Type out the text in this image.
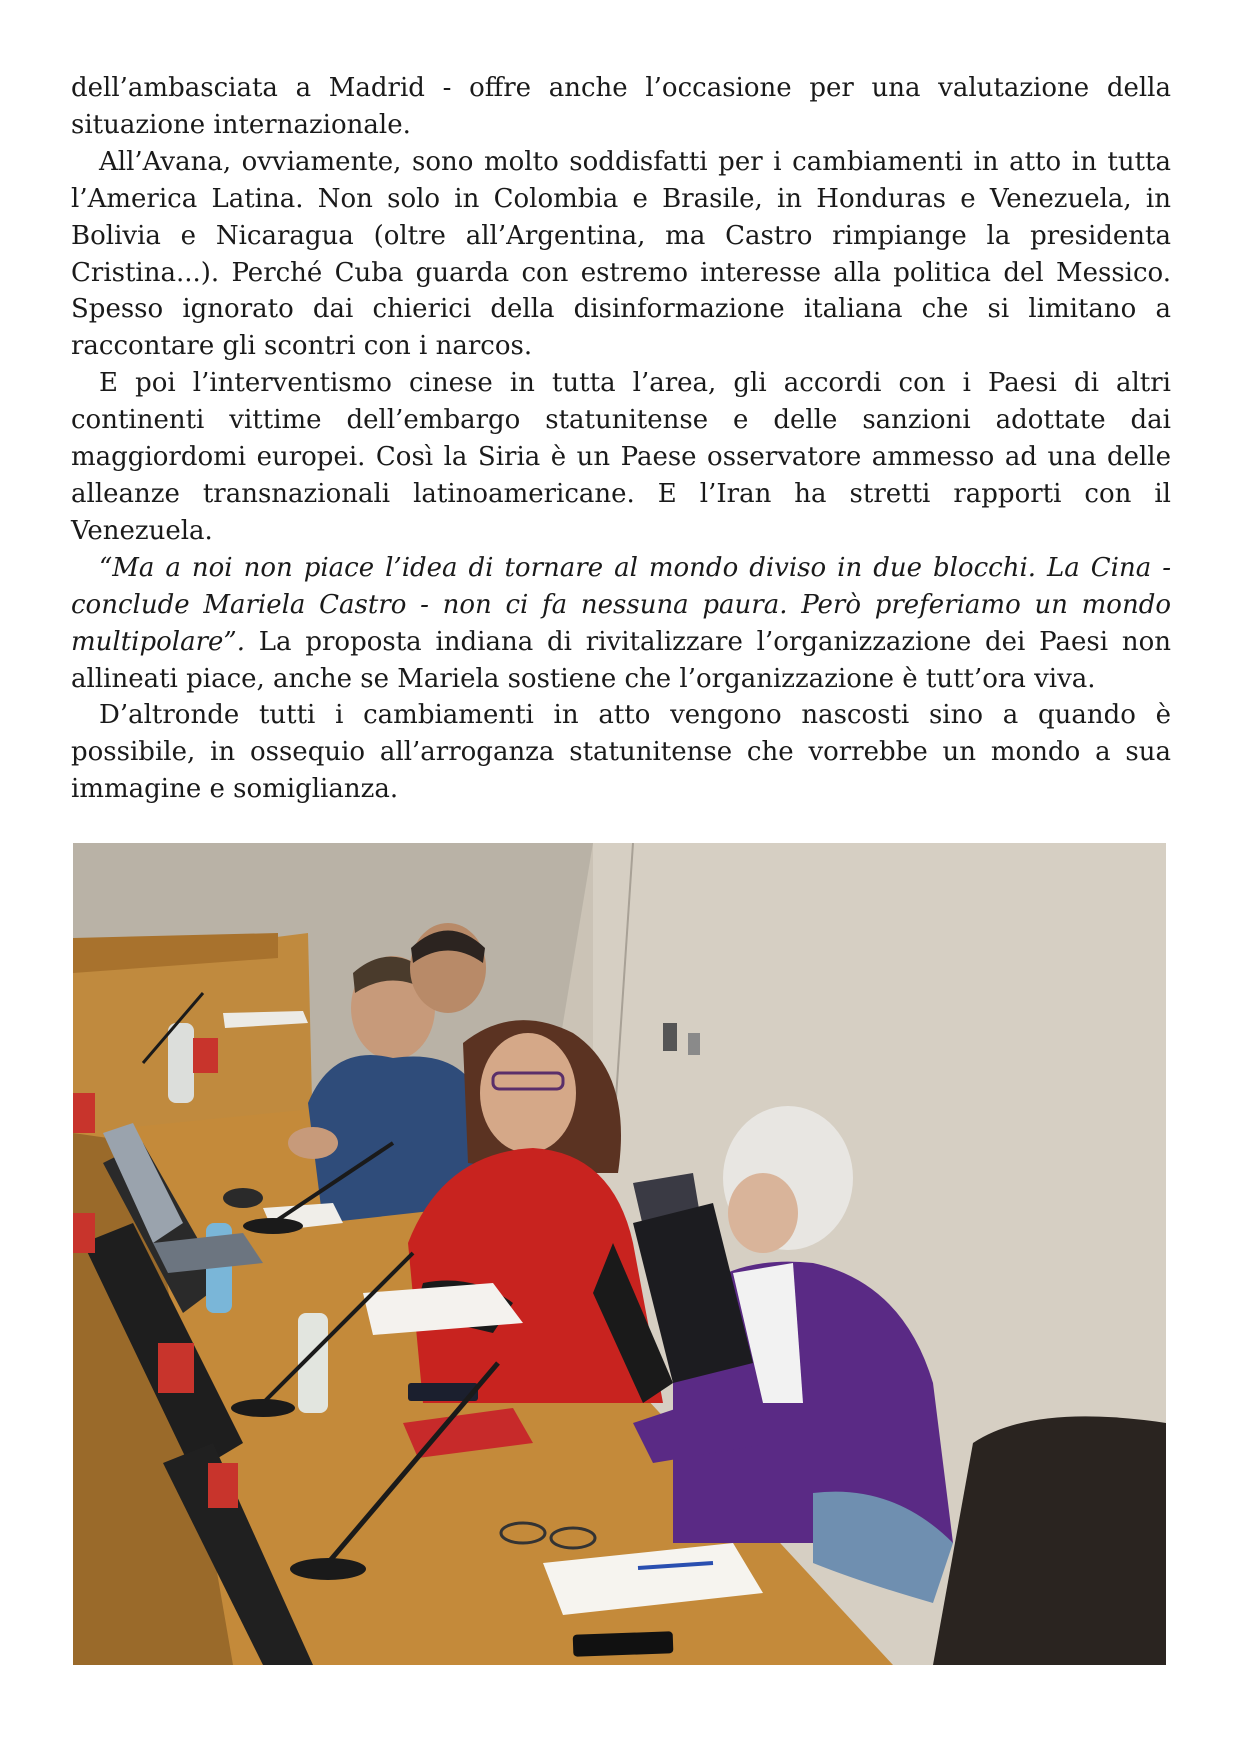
dell’ambasciata a Madrid - offre anche l’occasione per una valutazione della situazione internazionale.

All’Avana, ovviamente, sono molto soddisfatti per i cambiamenti in atto in tutta l’America Latina. Non solo in Colombia e Brasile, in Honduras e Venezuela, in Bolivia e Nicaragua (oltre all’Argentina, ma Castro rimpiange la presidenta Cristina...). Perché Cuba guarda con estremo interesse alla politica del Messico. Spesso ignorato dai chierici della disinformazione italiana che si limitano a raccontare gli scontri con i narcos.

E poi l’interventismo cinese in tutta l’area, gli accordi con i Paesi di altri continenti vittime dell’embargo statunitense e delle sanzioni adottate dai maggiordomi europei. Così la Siria è un Paese osservatore ammesso ad una delle alleanze transnazionali latinoamericane. E l’Iran ha stretti rapporti con il Venezuela.

“Ma a noi non piace l’idea di tornare al mondo diviso in due blocchi. La Cina - conclude Mariela Castro - non ci fa nessuna paura. Però preferiamo un mondo multipolare”. La proposta indiana di rivitalizzare l’organizzazione dei Paesi non allineati piace, anche se Mariela sostiene che l’organizzazione è tutt’ora viva.

D’altronde tutti i cambiamenti in atto vengono nascosti sino a quando è possibile, in ossequio all’arroganza statunitense che vorrebbe un mondo a sua immagine e somiglianza.
